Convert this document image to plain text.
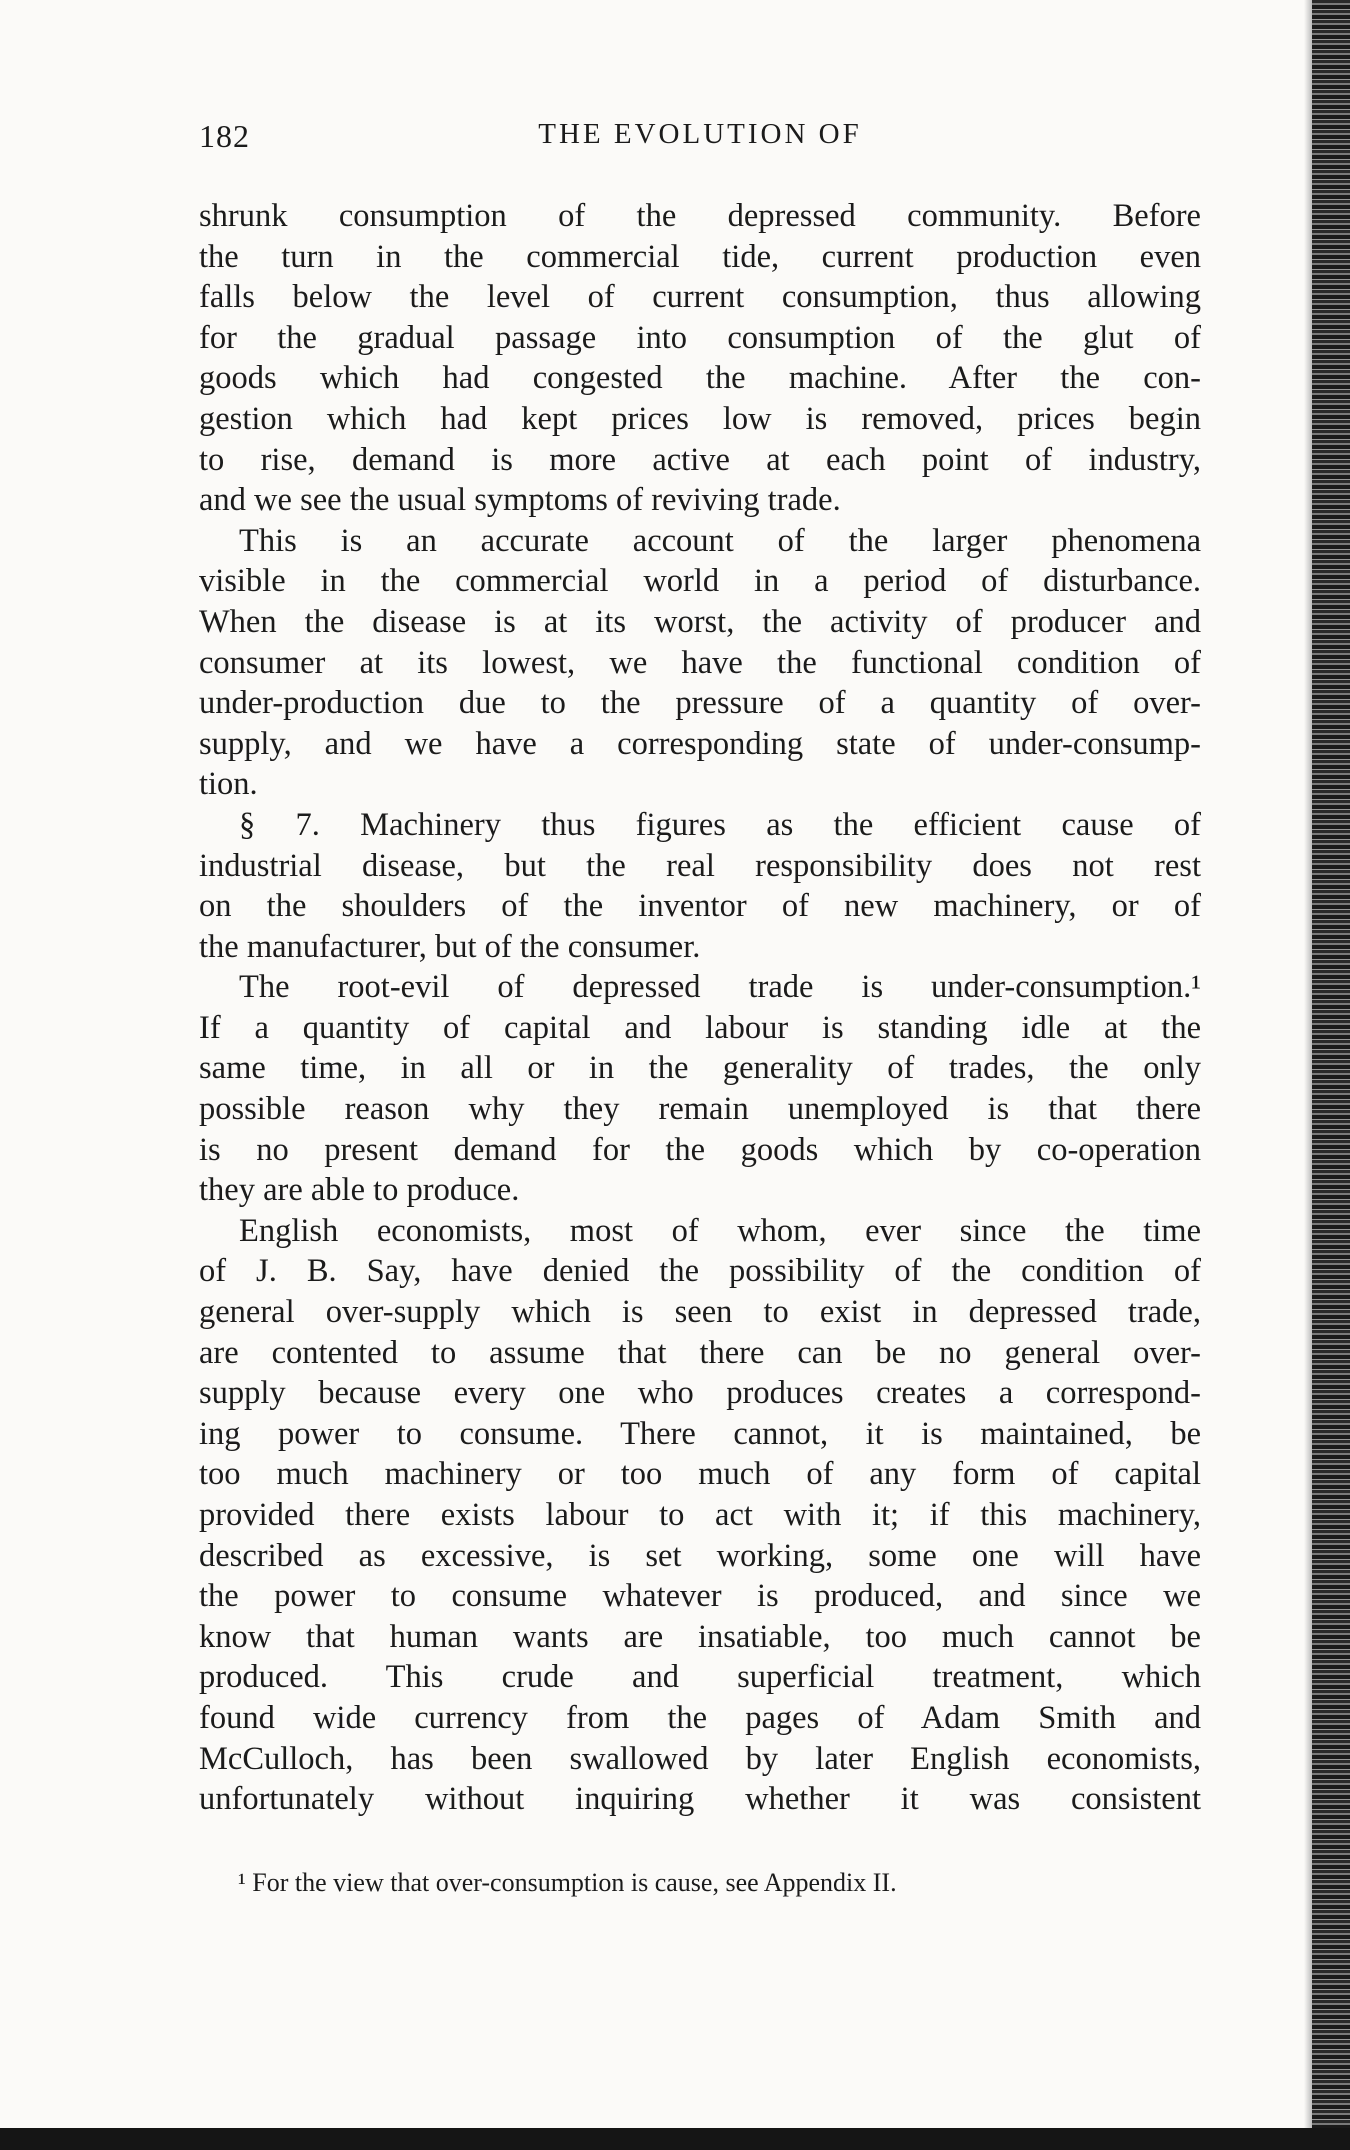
182	THE EVOLUTION OF
shrunk consumption of the depressed community. Before
the turn in the commercial tide, current production even
falls below the level of current consumption, thus allowing
for the gradual passage into consumption of the glut of
goods which had congested the machine. After the con-
gestion which had kept prices low is removed, prices begin
to rise, demand is more active at each point of industry,
and we see the usual symptoms of reviving trade.
This is an accurate account of the larger phenomena
visible in the commercial world in a period of disturbance.
When the disease is at its worst, the activity of producer and
consumer at its lowest, we have the functional condition of
under-production due to the pressure of a quantity of over-
supply, and we have a corresponding state of under-consump-
tion.
§ 7. Machinery thus figures as the efficient cause of
industrial disease, but the real responsibility does not rest
on the shoulders of the inventor of new machinery, or of
the manufacturer, but of the consumer.
The root-evil of depressed trade is under-consumption.¹
If a quantity of capital and labour is standing idle at the
same time, in all or in the generality of trades, the only
possible reason why they remain unemployed is that there
is no present demand for the goods which by co-operation
they are able to produce.
English economists, most of whom, ever since the time
of J. B. Say, have denied the possibility of the condition of
general over-supply which is seen to exist in depressed trade,
are contented to assume that there can be no general over-
supply because every one who produces creates a correspond-
ing power to consume. There cannot, it is maintained, be
too much machinery or too much of any form of capital
provided there exists labour to act with it; if this machinery,
described as excessive, is set working, some one will have
the power to consume whatever is produced, and since we
know that human wants are insatiable, too much cannot be
produced. This crude and superficial treatment, which
found wide currency from the pages of Adam Smith and
McCulloch, has been swallowed by later English economists,
unfortunately without inquiring whether it was consistent
¹ For the view that over-consumption is cause, see Appendix II.
